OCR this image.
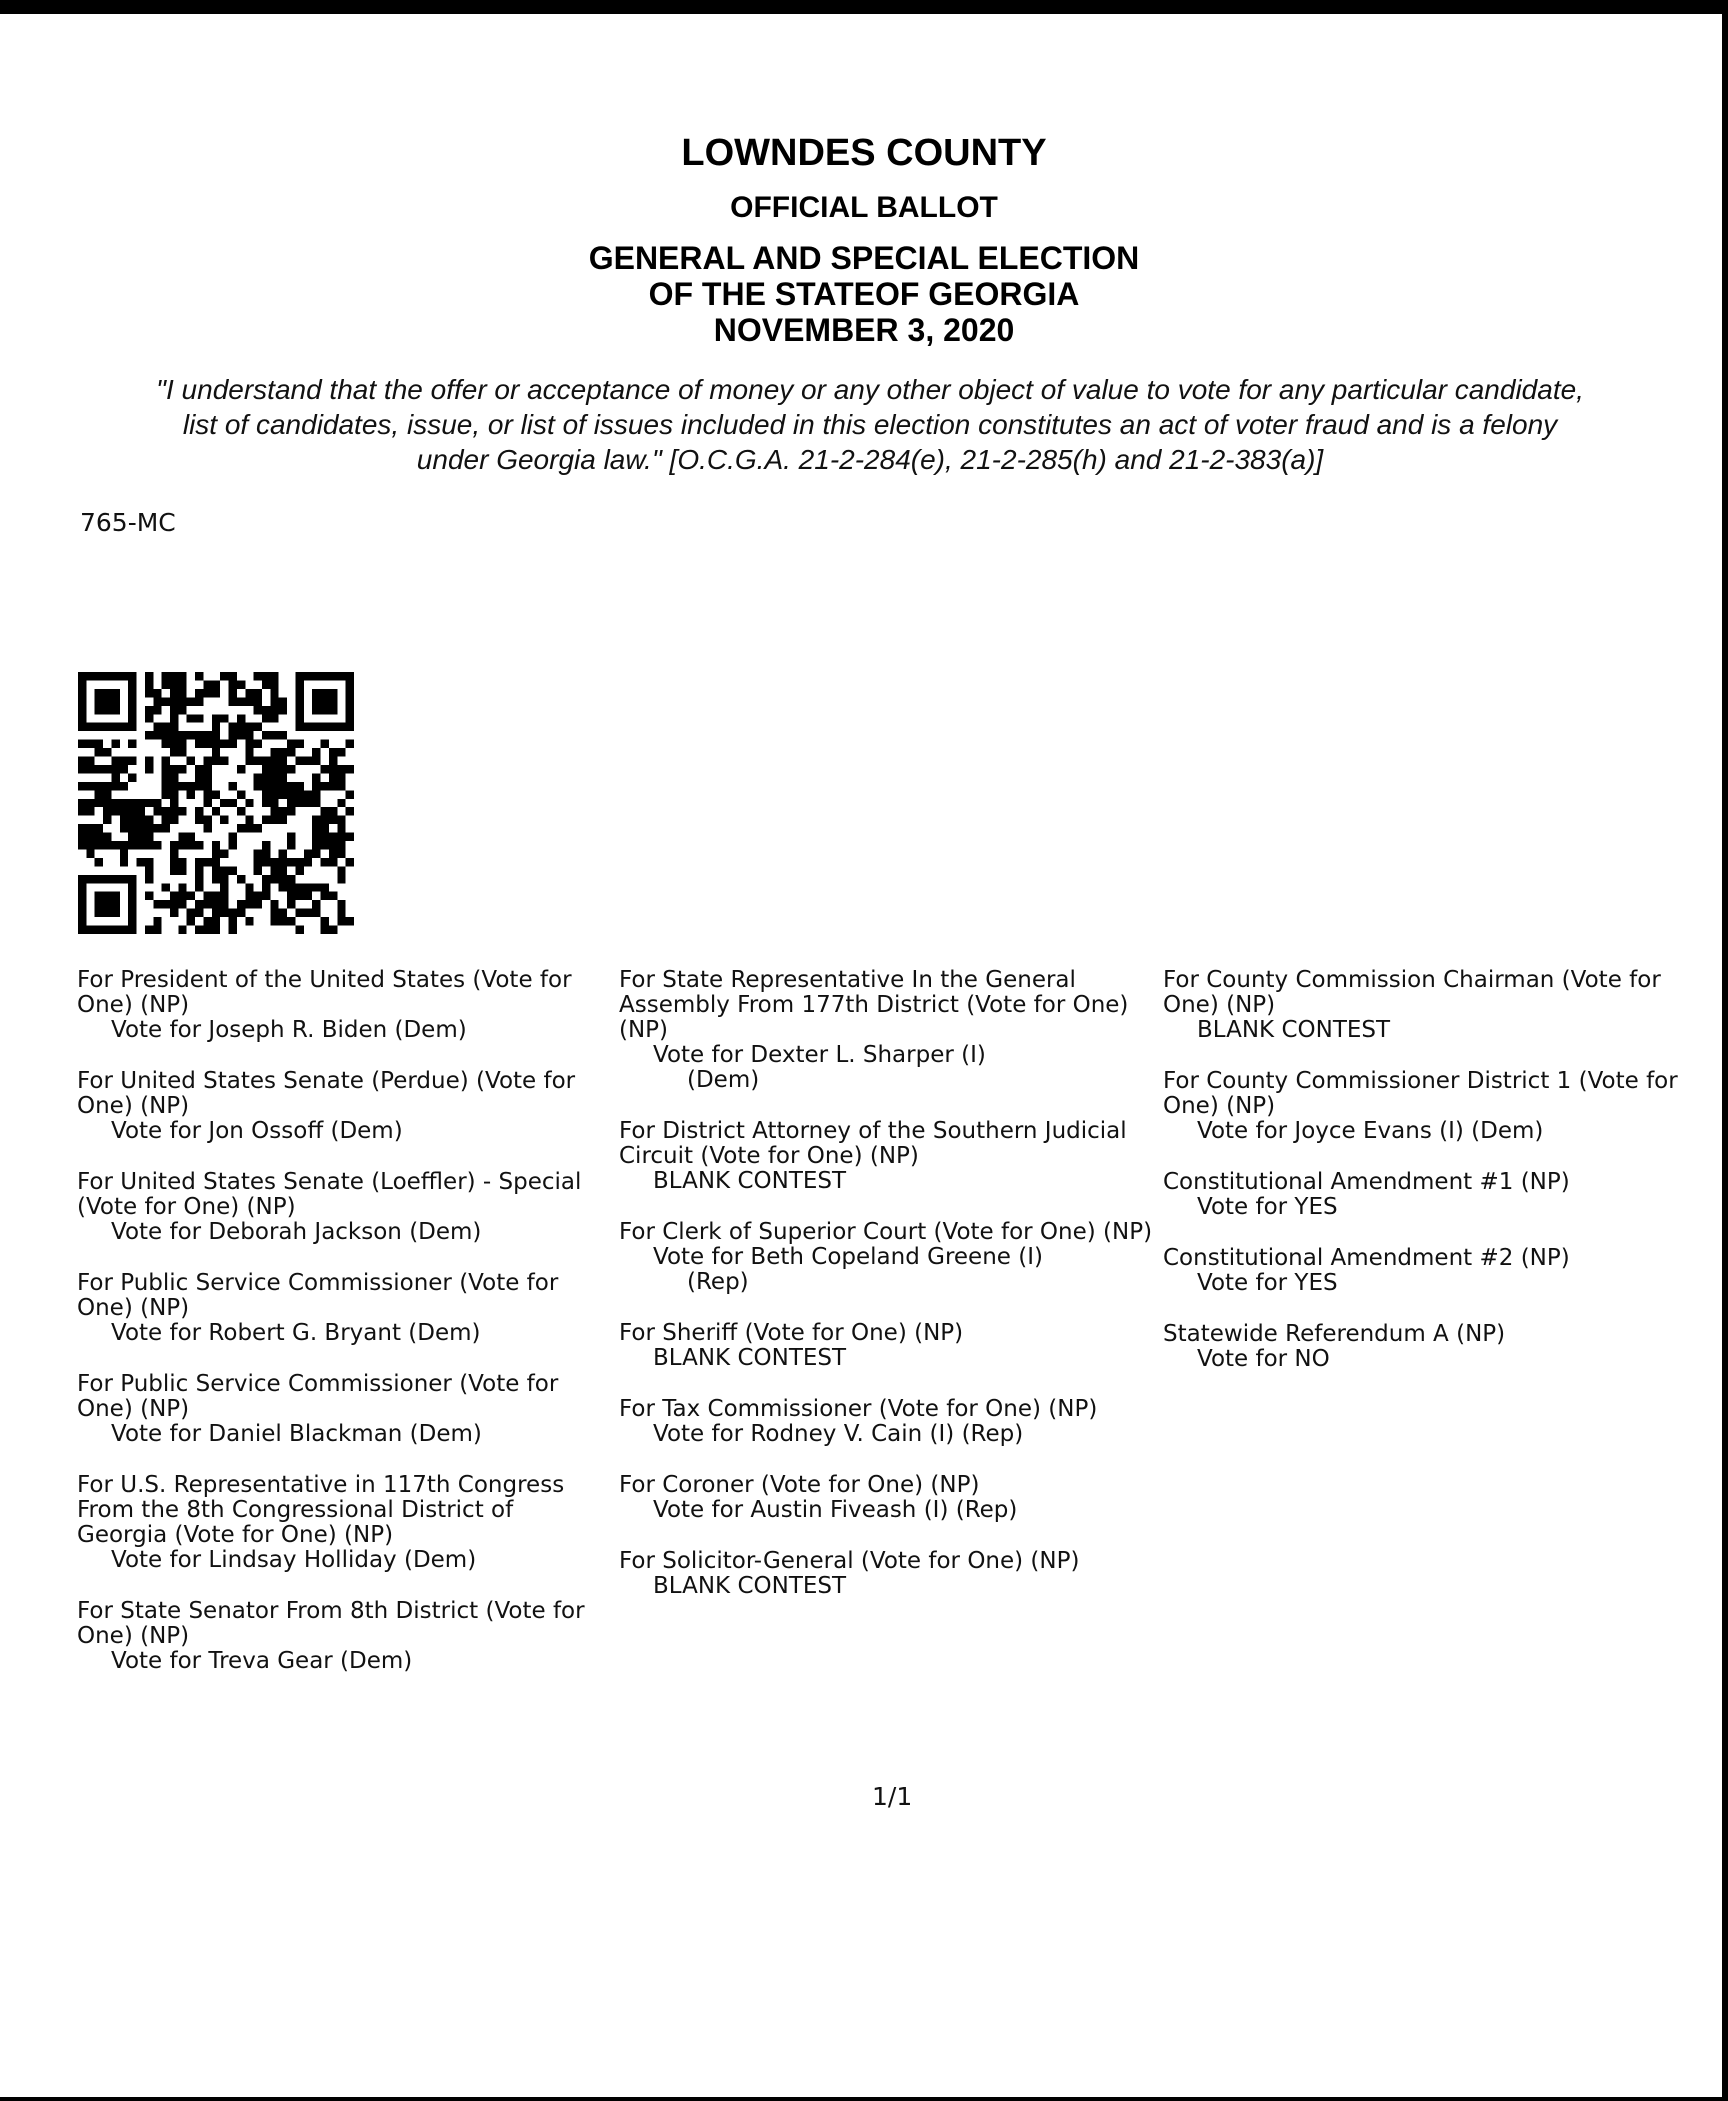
LOWNDES COUNTY
OFFICIAL BALLOT
GENERAL AND SPECIAL ELECTION
OF THE STATEOF GEORGIA
NOVEMBER 3, 2020
"I understand that the offer or acceptance of money or any other object of value to vote for any particular candidate,
list of candidates, issue, or list of issues included in this election constitutes an act of voter fraud and is a felony
under Georgia law." [O.C.G.A. 21-2-284(e), 21-2-285(h) and 21-2-383(a)]
765-MC
For President of the United States (Vote for One) (NP)
Vote for Joseph R. Biden (Dem)
For United States Senate (Perdue) (Vote for One) (NP)
Vote for Jon Ossoff (Dem)
For United States Senate (Loeffler) - Special (Vote for One) (NP)
Vote for Deborah Jackson (Dem)
For Public Service Commissioner (Vote for One) (NP)
Vote for Robert G. Bryant (Dem)
For Public Service Commissioner (Vote for One) (NP)
Vote for Daniel Blackman (Dem)
For U.S. Representative in 117th Congress From the 8th Congressional District of Georgia (Vote for One) (NP)
Vote for Lindsay Holliday (Dem)
For State Senator From 8th District (Vote for One) (NP)
Vote for Treva Gear (Dem)
For State Representative In the General Assembly From 177th District (Vote for One) (NP)
Vote for Dexter L. Sharper (I)
(Dem)
For District Attorney of the Southern Judicial Circuit (Vote for One) (NP)
BLANK CONTEST
For Clerk of Superior Court (Vote for One) (NP)
Vote for Beth Copeland Greene (I)
(Rep)
For Sheriff (Vote for One) (NP)
BLANK CONTEST
For Tax Commissioner (Vote for One) (NP)
Vote for Rodney V. Cain (I) (Rep)
For Coroner (Vote for One) (NP)
Vote for Austin Fiveash (I) (Rep)
For Solicitor-General (Vote for One) (NP)
BLANK CONTEST
For County Commission Chairman (Vote for One) (NP)
BLANK CONTEST
For County Commissioner District 1 (Vote for One) (NP)
Vote for Joyce Evans (I) (Dem)
Constitutional Amendment #1 (NP)
Vote for YES
Constitutional Amendment #2 (NP)
Vote for YES
Statewide Referendum A (NP)
Vote for NO
1/1
